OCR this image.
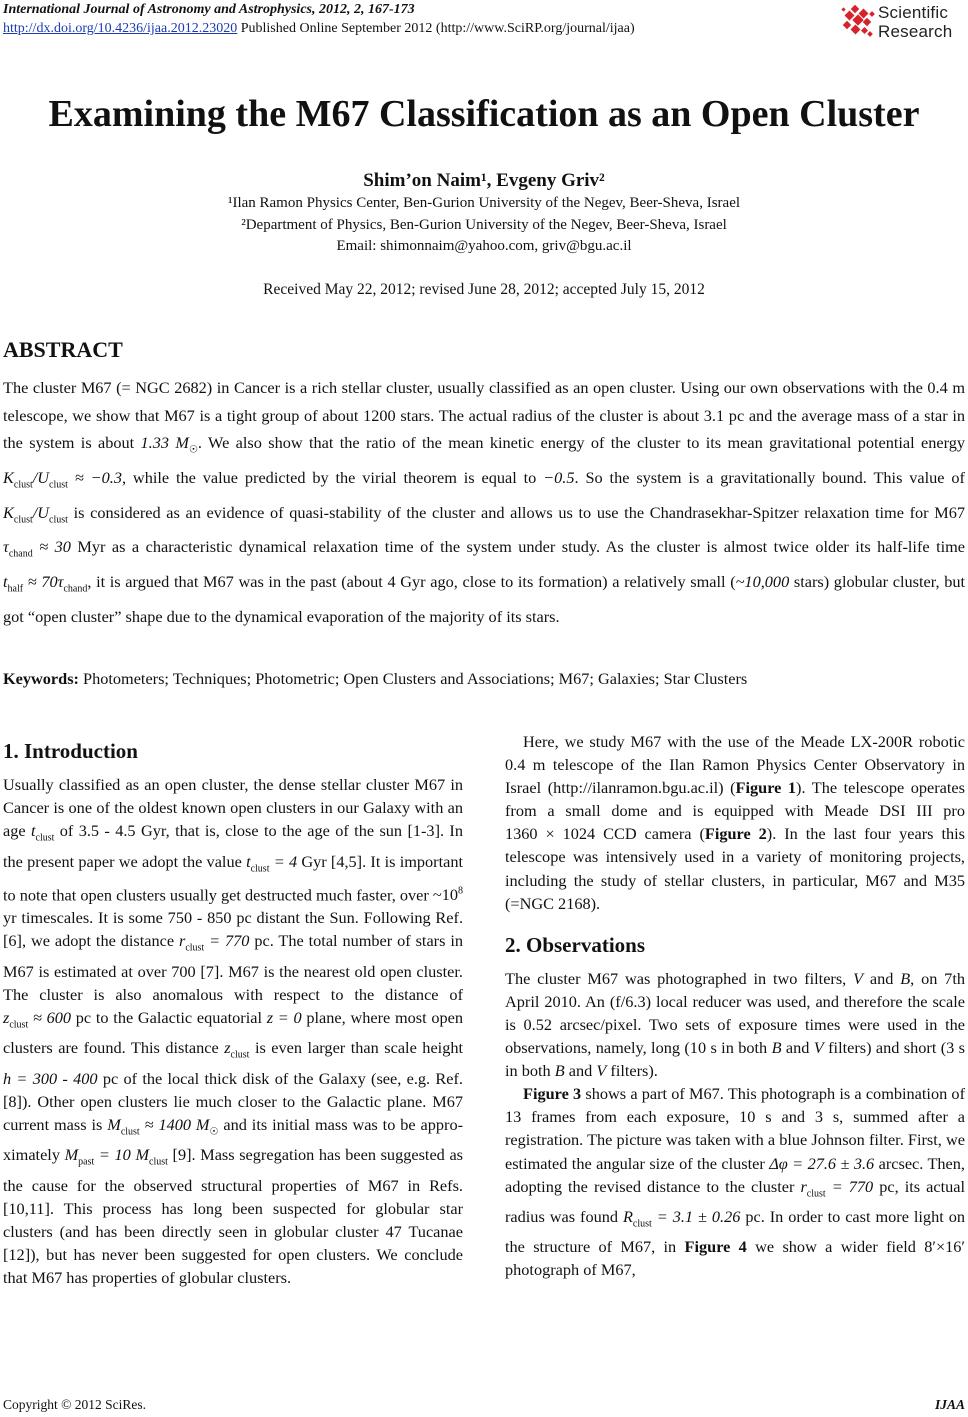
International Journal of Astronomy and Astrophysics, 2012, 2, 167-173
http://dx.doi.org/10.4236/ijaa.2012.23020 Published Online September 2012 (http://www.SciRP.org/journal/ijaa)
Scientific
Research
Examining the M67 Classification as an Open Cluster
Shim’on Naim¹, Evgeny Griv²
¹Ilan Ramon Physics Center, Ben-Gurion University of the Negev, Beer-Sheva, Israel
²Department of Physics, Ben-Gurion University of the Negev, Beer-Sheva, Israel
Email: shimonnaim@yahoo.com, griv@bgu.ac.il
Received May 22, 2012; revised June 28, 2012; accepted July 15, 2012
ABSTRACT
The cluster M67 (= NGC 2682) in Cancer is a rich stellar cluster, usually classified as an open cluster. Using our own observations with the 0.4 m telescope, we show that M67 is a tight group of about 1200 stars. The actual radius of the cluster is about 3.1 pc and the average mass of a star in the system is about 1.33 $M_☉$. We also show that the ratio of the mean kinetic energy of the cluster to its mean gravitational potential energy $K_{clust}/U_{clust} \approx -0.3$, while the value predicted by the virial theorem is equal to −0.5. So the system is a gravitationally bound. This value of $K_{clust}/U_{clust}$ is considered as an evidence of quasi-stability of the cluster and allows us to use the Chandrasekhar-Spitzer relaxation time for M67 $\tau_{chand} \approx 30$ Myr as a characteristic dynamical relaxation time of the system under study. As the cluster is almost twice older its half-life time $t_{half} \approx 70\tau_{chand}$, it is argued that M67 was in the past (about 4 Gyr ago, close to its formation) a relatively small (~10,000 stars) globular cluster, but got “open cluster” shape due to the dynamical evaporation of the majority of its stars.
Keywords: Photometers; Techniques; Photometric; Open Clusters and Associations; M67; Galaxies; Star Clusters
1. Introduction

Usually classified as an open cluster, the dense stellar cluster M67 in Cancer is one of the oldest known open clusters in our Galaxy with an age $t_{clust}$ of 3.5 - 4.5 Gyr, that is, close to the age of the sun [1-3]. In the present paper we adopt the value $t_{clust} = 4$ Gyr [4,5]. It is important to note that open clusters usually get destructed much faster, over $\sim 10^8$ yr timescales. It is some 750 - 850 pc distant the Sun. Following Ref. [6], we adopt the distance $r_{clust} = 770$ pc. The total number of stars in M67 is estimated at over 700 [7]. M67 is the nearest old open cluster. The cluster is also anomalous with respect to the distance of $z_{clust} \approx 600$ pc to the Galactic equatorial z = 0 plane, where most open clusters are found. This distance $z_{clust}$ is even larger than scale height h = 300 - 400 pc of the local thick disk of the Galaxy (see, e.g. Ref. [8]). Other open clusters lie much closer to the Galactic plane. M67 current mass is $M_{clust} \approx 1400$ $M_☉$ and its initial mass was to be approximately $M_{past} = 10$ $M_{clust}$ [9]. Mass segregation has been suggested as the cause for the observed structural properties of M67 in Refs. [10,11]. This process has long been suspected for globular star clusters (and has been directly seen in globular cluster 47 Tucanae [12]), but has never been suggested for open clusters. We conclude that M67 has properties of globular clusters.

Here, we study M67 with the use of the Meade LX-200R robotic 0.4 m telescope of the Ilan Ramon Physics Center Observatory in Israel (http://ilanramon.bgu.ac.il) (Figure 1). The telescope operates from a small dome and is equipped with Meade DSI III pro 1360 × 1024 CCD camera (Figure 2). In the last four years this telescope was intensively used in a variety of monitoring projects, including the study of stellar clusters, in particular, M67 and M35 (=NGC 2168).

2. Observations

The cluster M67 was photographed in two filters, V and B, on 7th April 2010. An (f/6.3) local reducer was used, and therefore the scale is 0.52 arcsec/pixel. Two sets of exposure times were used in the observations, namely, long (10 s in both B and V filters) and short (3 s in both B and V filters).

Figure 3 shows a part of M67. This photograph is a combination of 13 frames from each exposure, 10 s and 3 s, summed after a registration. The picture was taken with a blue Johnson filter. First, we estimated the angular size of the cluster Δφ = 27.6 ± 3.6 arcsec. Then, adopting the revised distance to the cluster $r_{clust} = 770$ pc, its actual radius was found $R_{clust} = 3.1 \pm 0.26$ pc. In order to cast more light on the structure of M67, in Figure 4 we show a wider field 8′×16′ photograph of M67,

Copyright © 2012 SciRes.	IJAA
